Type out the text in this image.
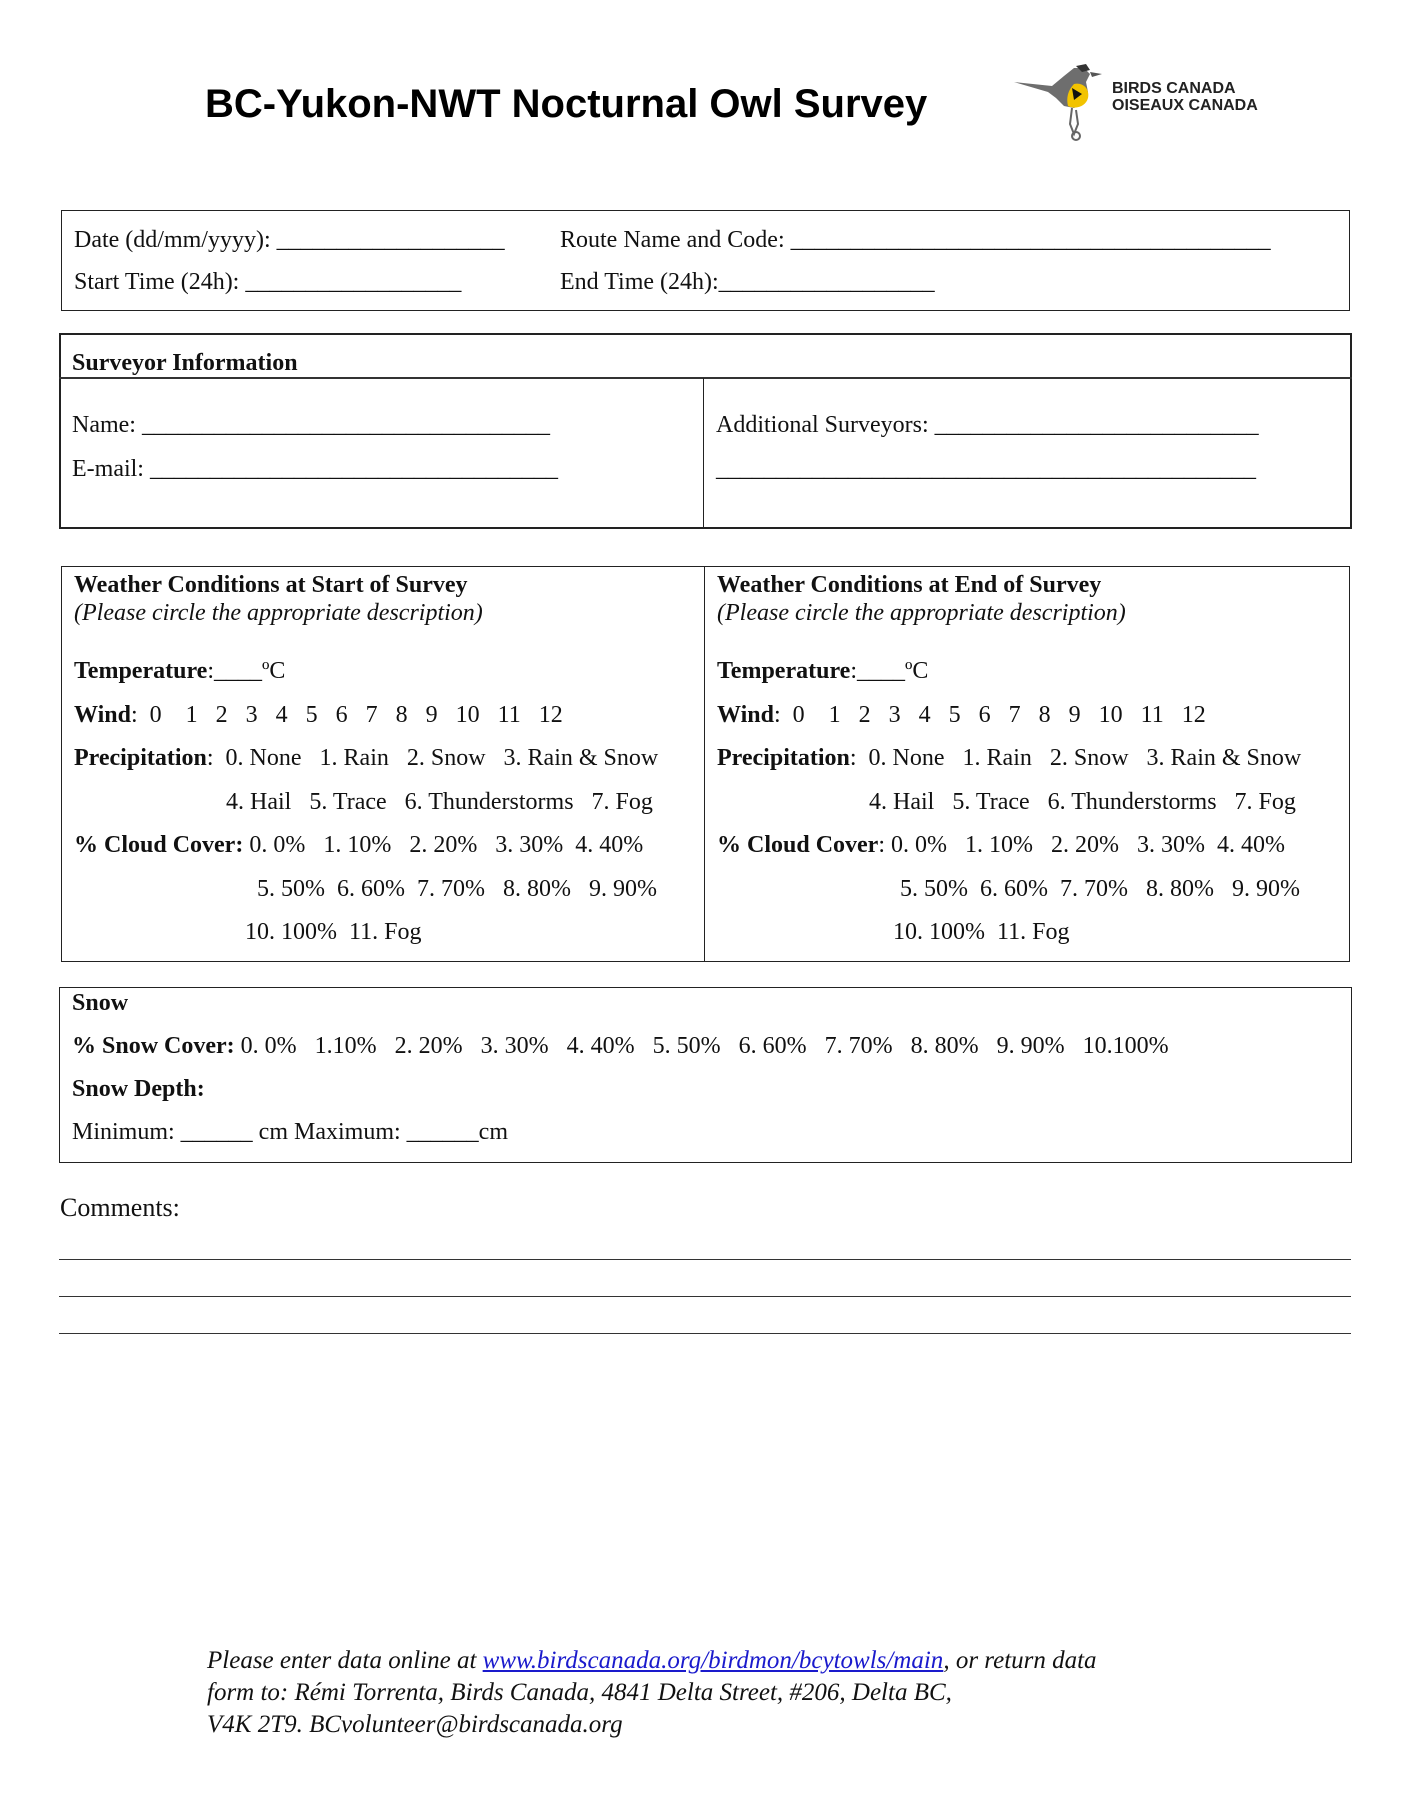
BC-Yukon-NWT Nocturnal Owl Survey	BIRDS CANADA
OISEAUX CANADA
Date (dd/mm/yyyy): ___________________ Route Name and Code: ________________________________________
Start Time (24h): __________________	End Time (24h):__________________
Surveyor Information
Name: __________________________________
E-mail: __________________________________
Additional Surveyors: ___________________________
_____________________________________________
Weather Conditions at Start of Survey
(Please circle the appropriate description)
Temperature:____ºC
Wind:  0    1   2   3   4   5   6   7   8   9   10   11   12
Precipitation:  0. None   1. Rain   2. Snow   3. Rain & Snow
4. Hail   5. Trace   6. Thunderstorms   7. Fog
% Cloud Cover: 0. 0%   1. 10%   2. 20%   3. 30%  4. 40%
5. 50%  6. 60%  7. 70%   8. 80%   9. 90%
10. 100%  11. Fog
Weather Conditions at End of Survey
(Please circle the appropriate description)
Temperature:____ºC
Wind:  0    1   2   3   4   5   6   7   8   9   10   11   12
Precipitation:  0. None   1. Rain   2. Snow   3. Rain & Snow
4. Hail   5. Trace   6. Thunderstorms   7. Fog
% Cloud Cover: 0. 0%   1. 10%   2. 20%   3. 30%  4. 40%
5. 50%  6. 60%  7. 70%   8. 80%   9. 90%
10. 100%  11. Fog
Snow
% Snow Cover: 0. 0%   1.10%   2. 20%   3. 30%   4. 40%   5. 50%   6. 60%   7. 70%   8. 80%   9. 90%   10.100%
Snow Depth:
Minimum: ______ cm Maximum: ______cm
Comments:
Please enter data online at www.birdscanada.org/birdmon/bcytowls/main, or return data
form to: Rémi Torrenta, Birds Canada, 4841 Delta Street, #206, Delta BC,
V4K 2T9. BCvolunteer@birdscanada.org
